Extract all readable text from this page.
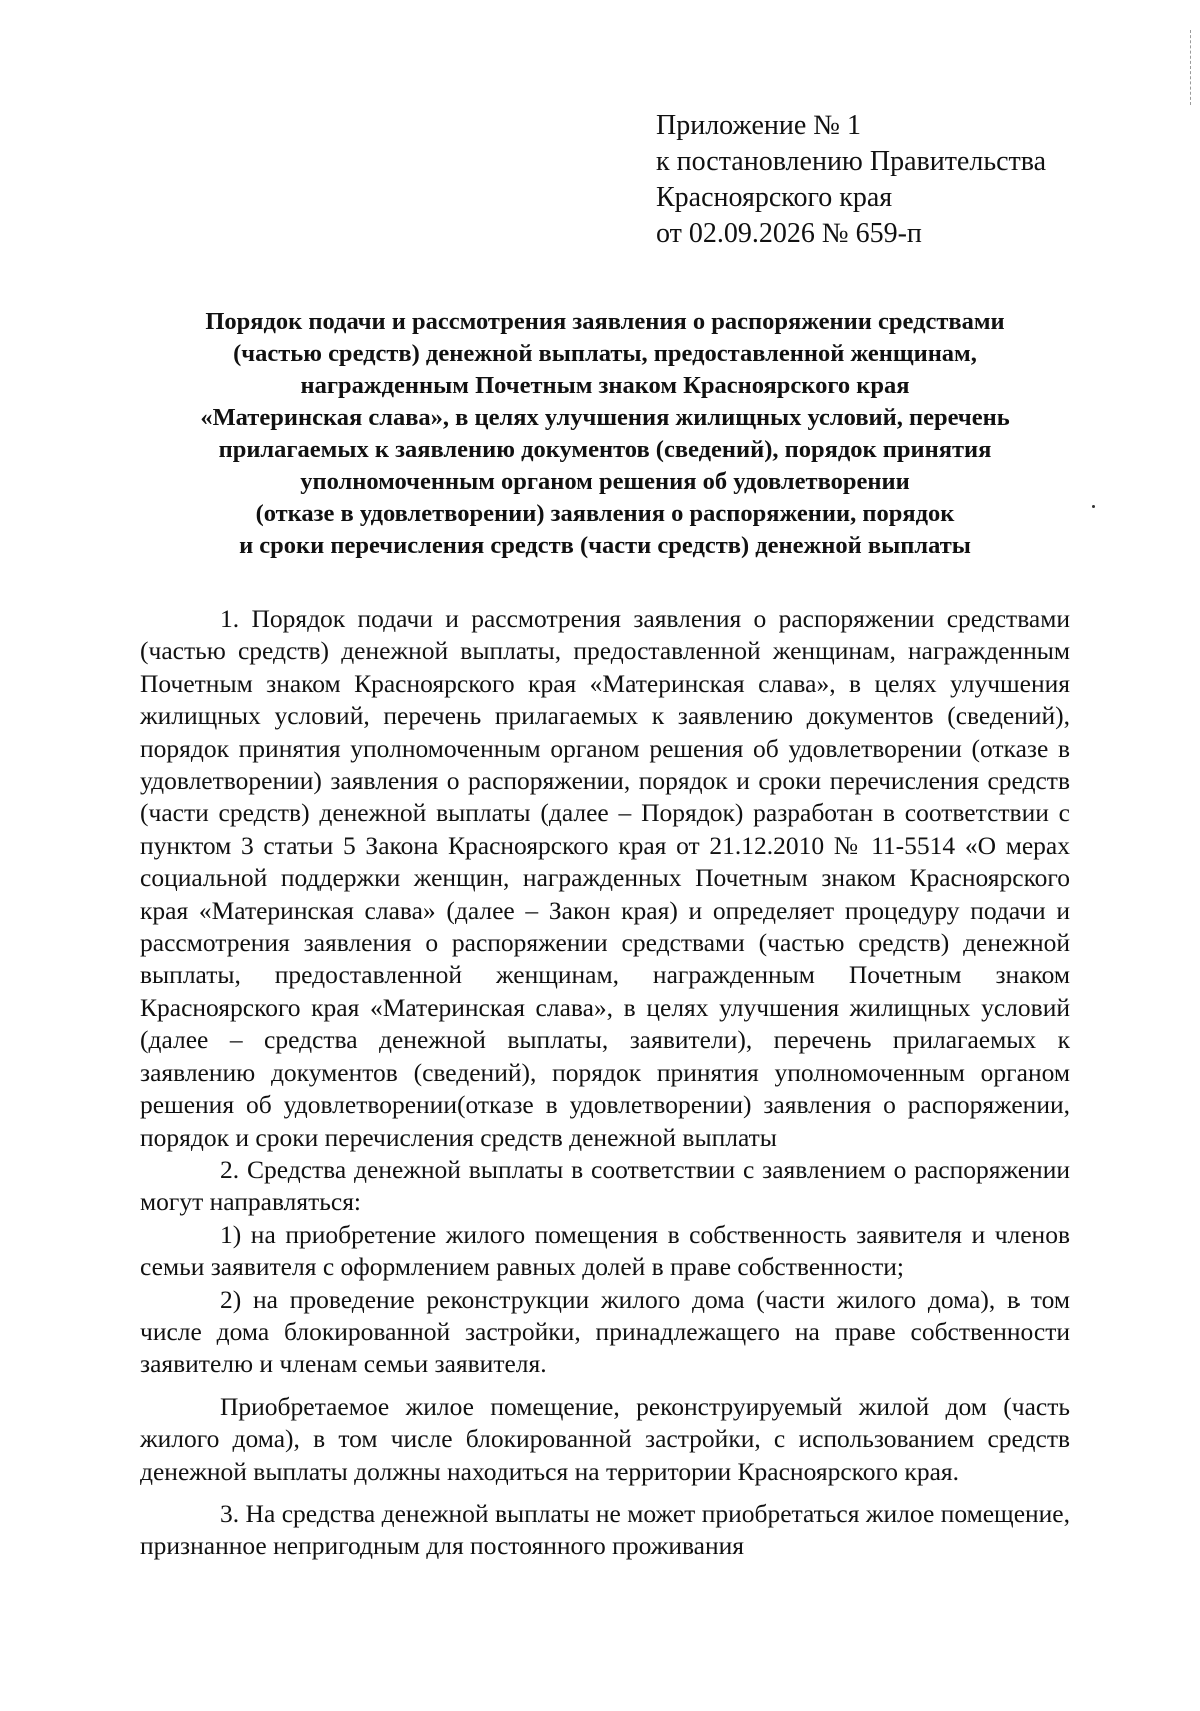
Приложение № 1
к постановлению Правительства
Красноярского края
от 02.09.2026 № 659-п
Порядок подачи и рассмотрения заявления о распоряжении средствами
(частью средств) денежной выплаты, предоставленной женщинам,
награжденным Почетным знаком Красноярского края
«Материнская слава», в целях улучшения жилищных условий, перечень
прилагаемых к заявлению документов (сведений), порядок принятия
уполномоченным органом решения об удовлетворении
(отказе в удовлетворении) заявления о распоряжении, порядок
и сроки перечисления средств (части средств) денежной выплаты

1. Порядок подачи и рассмотрения заявления о распоряжении средствами (частью средств) денежной выплаты, предоставленной женщинам, награжденным Почетным знаком Красноярского края «Материнская слава», в целях улучшения жилищных условий, перечень прилагаемых к заявлению документов (сведений), порядок принятия уполномоченным органом решения об удовлетворении (отказе в удовлетворении) заявления о распоряжении, порядок и сроки перечисления средств (части средств) денежной выплаты (далее – Порядок) разработан в соответствии с пунктом 3 статьи 5 Закона Красноярского края от 21.12.2010 № 11-5514 «О мерах социальной поддержки женщин, награжденных Почетным знаком Красноярского края «Материнская слава» (далее – Закон края) и определяет процедуру подачи и рассмотрения заявления о распоряжении средствами (частью средств) денежной выплаты, предоставленной женщинам, награжденным Почетным знаком Красноярского края «Материнская слава», в целях улучшения жилищных условий (далее – средства денежной выплаты, заявители), перечень прилагаемых к заявлению документов (сведений), порядок принятия уполномоченным органом решения об удовлетворении(отказе в удовлетворении) заявления о распоряжении, порядок и сроки перечисления средств денежной выплаты

2. Средства денежной выплаты в соответствии с заявлением о распоряжении могут направляться:

1) на приобретение жилого помещения в собственность заявителя и членов семьи заявителя с оформлением равных долей в праве собственности;

2) на проведение реконструкции жилого дома (части жилого дома), в том числе дома блокированной застройки, принадлежащего на праве собственности заявителю и членам семьи заявителя.

Приобретаемое жилое помещение, реконструируемый жилой дом (часть жилого дома), в том числе блокированной застройки, с использованием средств денежной выплаты должны находиться на территории Красноярского края.

3. На средства денежной выплаты не может приобретаться жилое помещение, признанное непригодным для постоянного проживания
